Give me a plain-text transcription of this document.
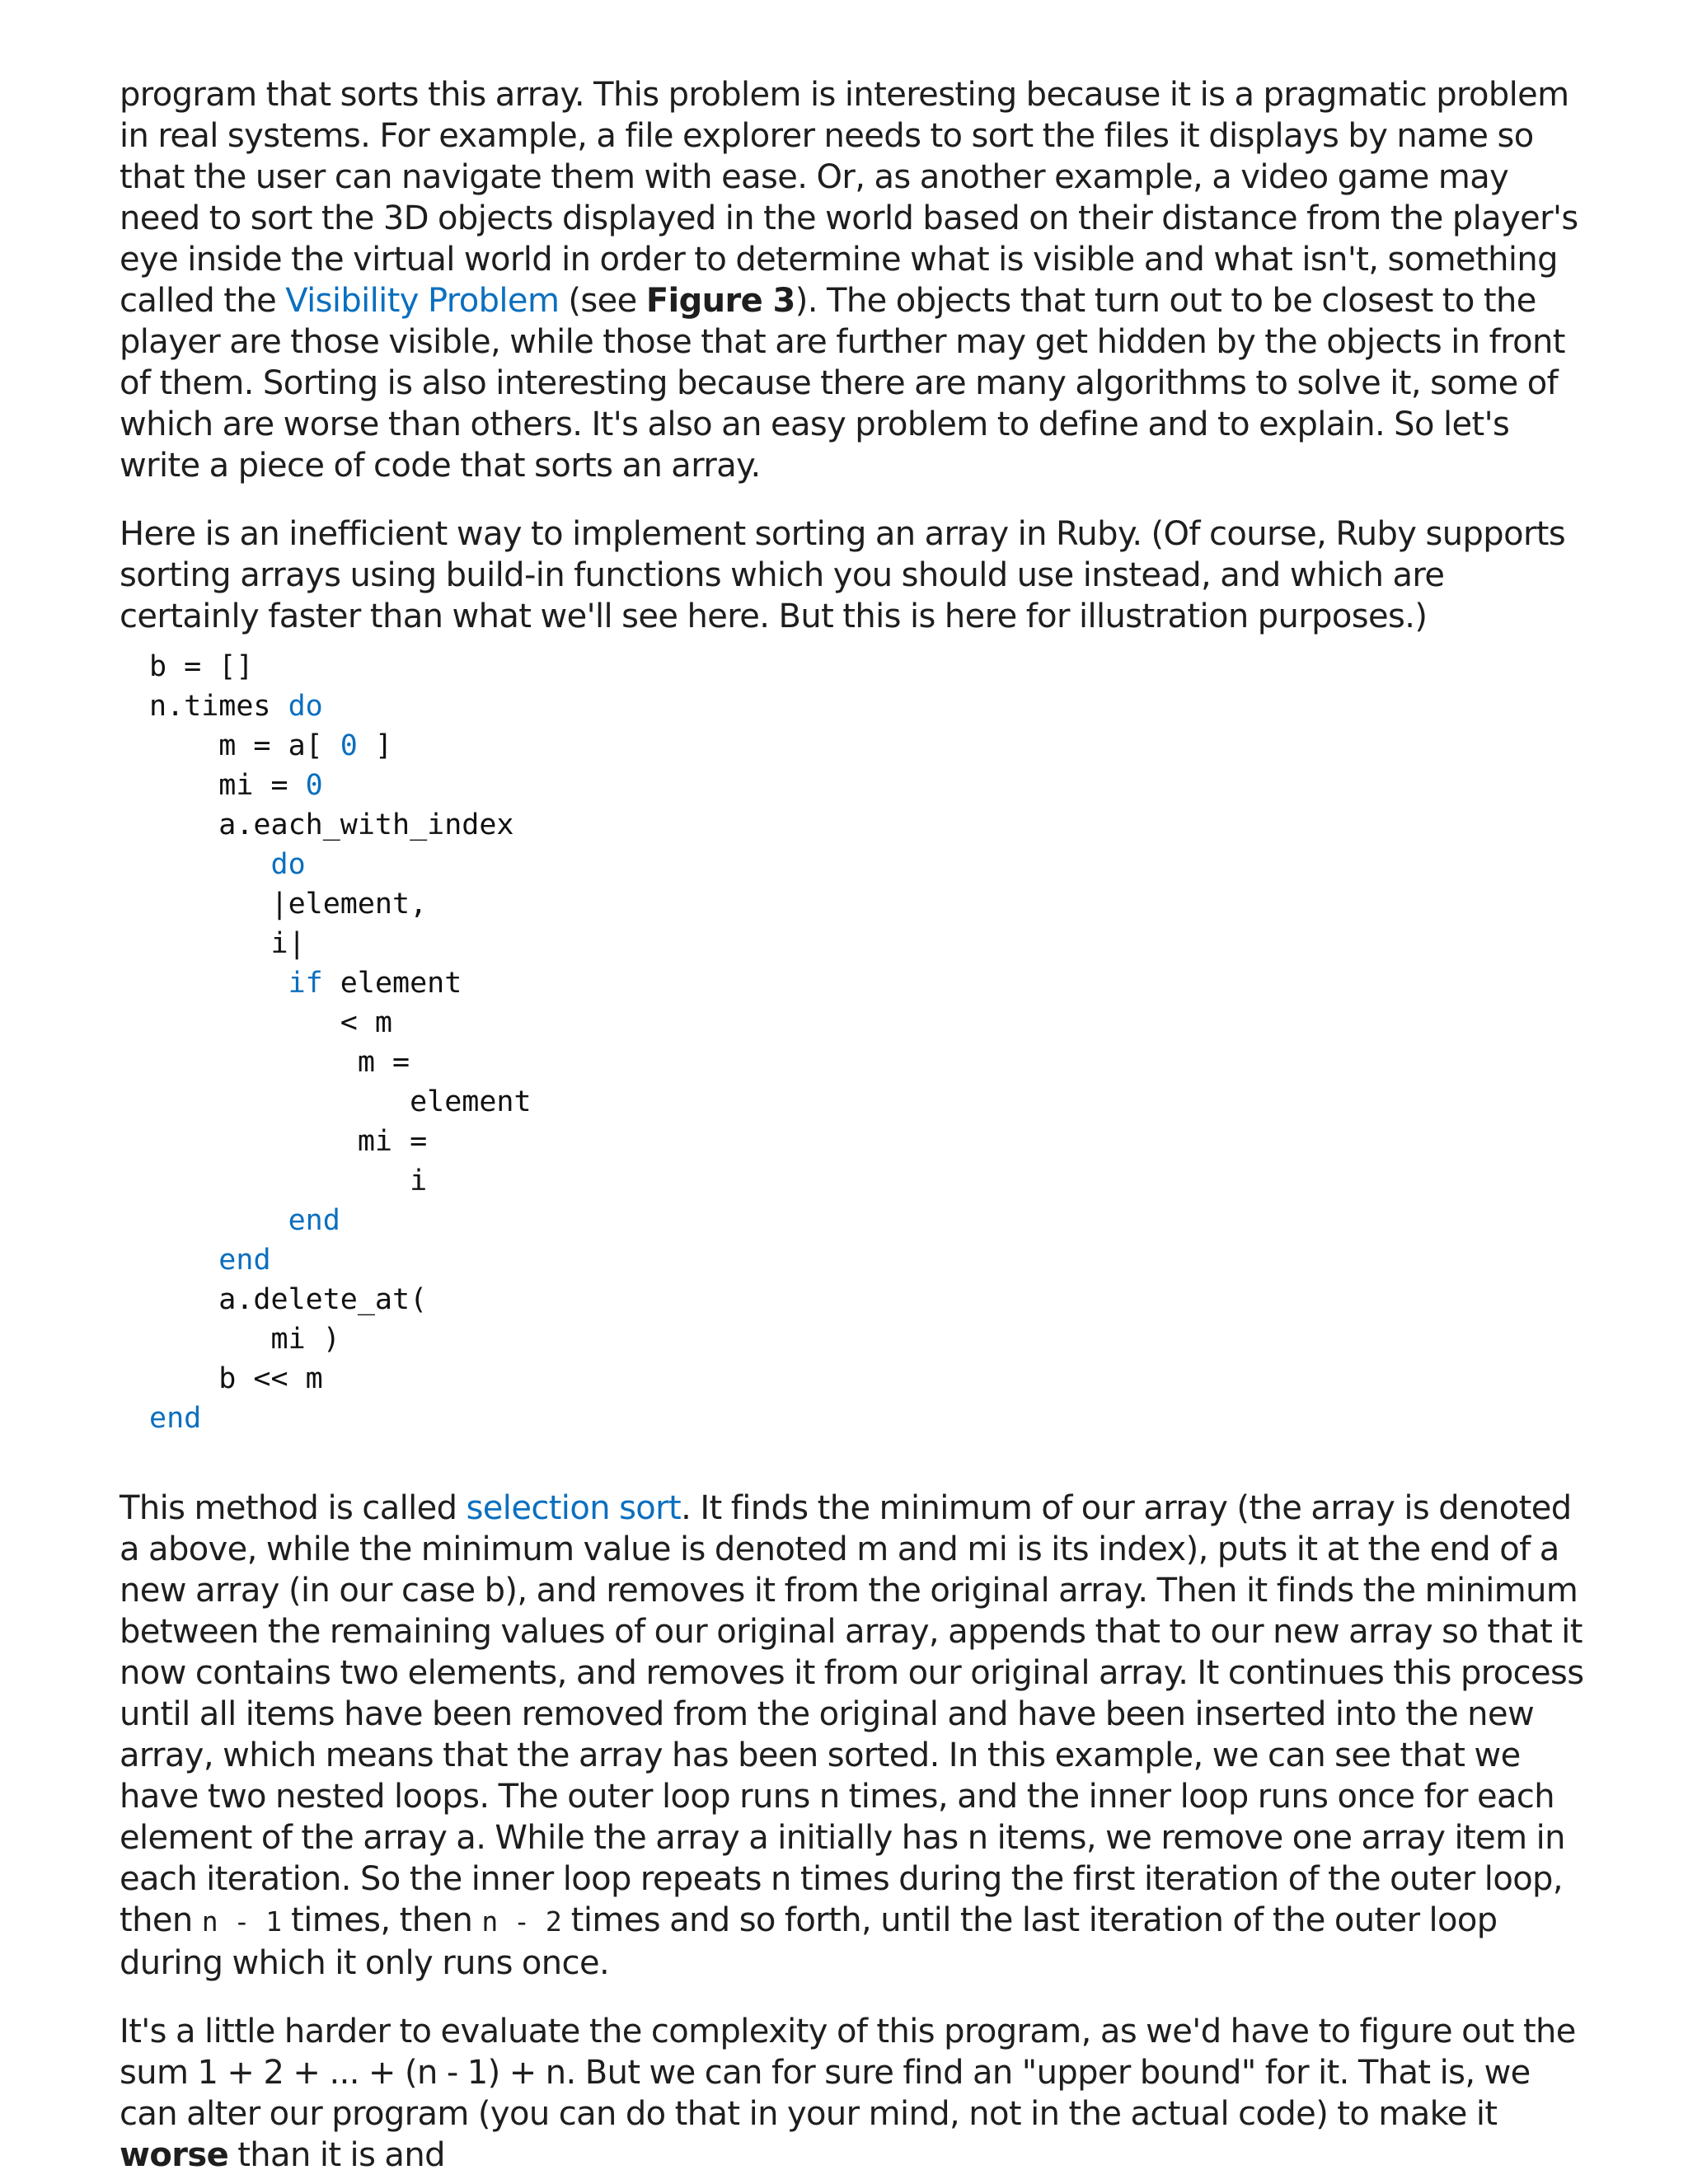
program that sorts this array. This problem is interesting because it is a pragmatic problem in real systems. For example, a file explorer needs to sort the files it displays by name so that the user can navigate them with ease. Or, as another example, a video game may need to sort the 3D objects displayed in the world based on their distance from the player's eye inside the virtual world in order to determine what is visible and what isn't, something called the Visibility Problem (see Figure 3). The objects that turn out to be closest to the player are those visible, while those that are further may get hidden by the objects in front of them. Sorting is also interesting because there are many algorithms to solve it, some of which are worse than others. It's also an easy problem to define and to explain. So let's write a piece of code that sorts an array.

Here is an inefficient way to implement sorting an array in Ruby. (Of course, Ruby supports sorting arrays using build-in functions which you should use instead, and which are certainly faster than what we'll see here. But this is here for illustration purposes.)

b = []
n.times do
m = a[ 0 ]
mi = 0
a.each_with_index
do
|element,
i|
if element
< m
m =
element
mi =
i
end
end
a.delete_at(
mi )
b << m
end

This method is called selection sort. It finds the minimum of our array (the array is denoted a above, while the minimum value is denoted m and mi is its index), puts it at the end of a new array (in our case b), and removes it from the original array. Then it finds the minimum between the remaining values of our original array, appends that to our new array so that it now contains two elements, and removes it from our original array. It continues this process until all items have been removed from the original and have been inserted into the new array, which means that the array has been sorted. In this example, we can see that we have two nested loops. The outer loop runs n times, and the inner loop runs once for each element of the array a. While the array a initially has n items, we remove one array item in each iteration. So the inner loop repeats n times during the first iteration of the outer loop, then n - 1 times, then n - 2 times and so forth, until the last iteration of the outer loop during which it only runs once.

It's a little harder to evaluate the complexity of this program, as we'd have to figure out the sum 1 + 2 + ... + (n - 1) + n. But we can for sure find an "upper bound" for it. That is, we can alter our program (you can do that in your mind, not in the actual code) to make it worse than it is and
